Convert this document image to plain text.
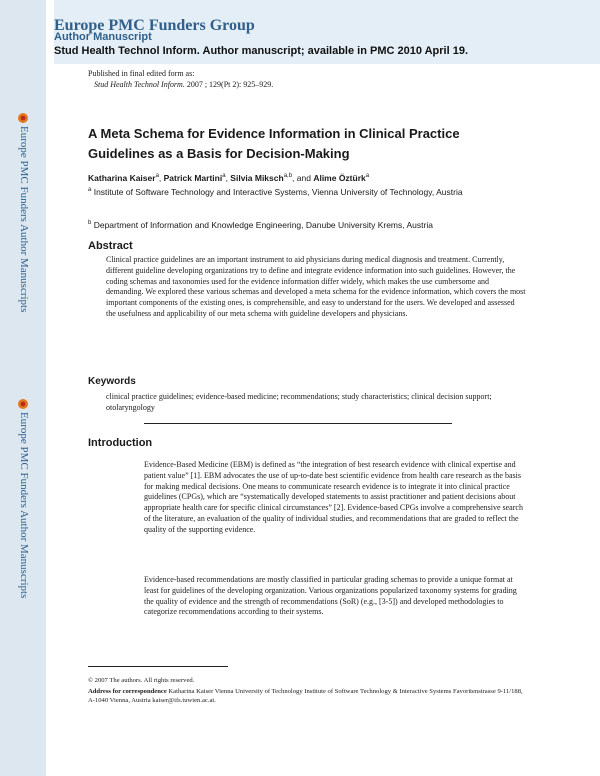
Europe PMC Funders Author Manuscripts
Europe PMC Funders Author Manuscripts
Europe PMC Funders Group
Author Manuscript
Stud Health Technol Inform. Author manuscript; available in PMC 2010 April 19.
Published in final edited form as:
Stud Health Technol Inform. 2007 ; 129(Pt 2): 925–929.
A Meta Schema for Evidence Information in Clinical Practice Guidelines as a Basis for Decision-Making
Katharina Kaiser$^a$, Patrick Martini$^a$, Silvia Miksch$^{a,b}$, and Alime Öztürk$^a$
$^a$ Institute of Software Technology and Interactive Systems, Vienna University of Technology, Austria
$^b$ Department of Information and Knowledge Engineering, Danube University Krems, Austria
Abstract
Clinical practice guidelines are an important instrument to aid physicians during medical diagnosis and treatment. Currently, different guideline developing organizations try to define and integrate evidence information into such guidelines. However, the coding schemas and taxonomies used for the evidence information differ widely, which makes the use cumbersome and demanding. We explored these various schemas and developed a meta schema for the evidence information, which covers the most important components of the existing ones, is comprehensible, and easy to understand for the users. We developed and assessed the usefulness and applicability of our meta schema with guideline developers and physicians.
Keywords
clinical practice guidelines; evidence-based medicine; recommendations; study characteristics; clinical decision support; otolaryngology
Introduction
Evidence-Based Medicine (EBM) is defined as “the integration of best research evidence with clinical expertise and patient value” [1]. EBM advocates the use of up-to-date best scientific evidence from health care research as the basis for making medical decisions. One means to communicate research evidence is to integrate it into clinical practice guidelines (CPGs), which are “systematically developed statements to assist practitioner and patient decisions about appropriate health care for specific clinical circumstances” [2]. Evidence-based CPGs involve a comprehensive search of the literature, an evaluation of the quality of individual studies, and recommendations that are graded to reflect the quality of the supporting evidence.
Evidence-based recommendations are mostly classified in particular grading schemas to provide a unique format at least for guidelines of the developing organization. Various organizations popularized taxonomy systems for grading the quality of evidence and the strength of recommendations (SoR) (e.g., [3-5]) and developed methodologies to categorize recommendations according to their systems.
© 2007 The authors. All rights reserved.
Address for correspondence Katharina Kaiser Vienna University of Technology Institute of Software Technology & Interactive Systems Favoritenstrasse 9-11/188, A-1040 Vienna, Austria kaiser@ifs.tuwien.ac.at.
